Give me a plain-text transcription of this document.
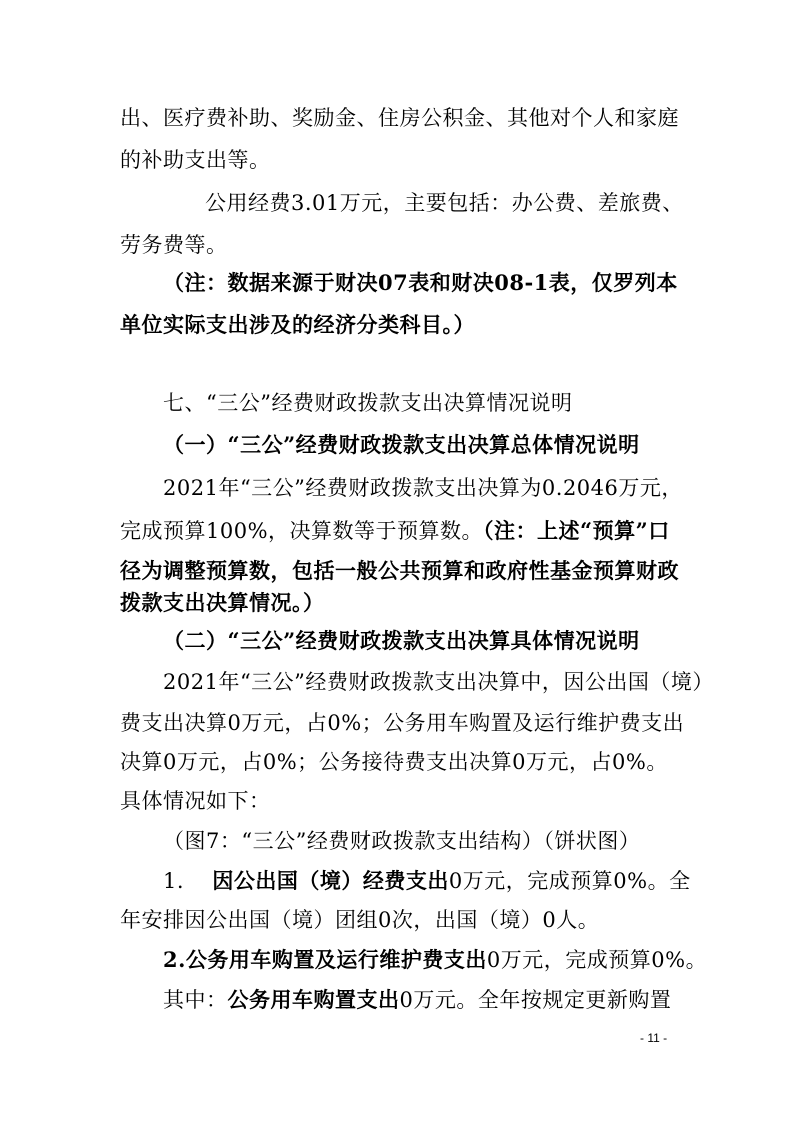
出、医疗费补助、奖励金、住房公积金、其他对个人和家庭
的补助支出等。
公用经费3.01万元，主要包括：办公费、差旅费、
劳务费等。
（注：数据来源于财决07表和财决08-1表，仅罗列本
单位实际支出涉及的经济分类科目。）
七、“三公”经费财政拨款支出决算情况说明
（一）“三公”经费财政拨款支出决算总体情况说明
2021年“三公”经费财政拨款支出决算为0.2046万元，
完成预算100%，决算数等于预算数。（注：上述“预算”口
径为调整预算数，包括一般公共预算和政府性基金预算财政
拨款支出决算情况。）
（二）“三公”经费财政拨款支出决算具体情况说明
2021年“三公”经费财政拨款支出决算中，因公出国（境）
费支出决算0万元，占0%；公务用车购置及运行维护费支出
决算0万元，占0%；公务接待费支出决算0万元，占0%。
具体情况如下：
（图7：“三公”经费财政拨款支出结构）（饼状图）
1. 因公出国（境）经费支出0万元，完成预算0%。全
年安排因公出国（境）团组0次，出国（境）0人。
2.公务用车购置及运行维护费支出0万元，完成预算0%。
其中：公务用车购置支出0万元。全年按规定更新购置
- 11 -
